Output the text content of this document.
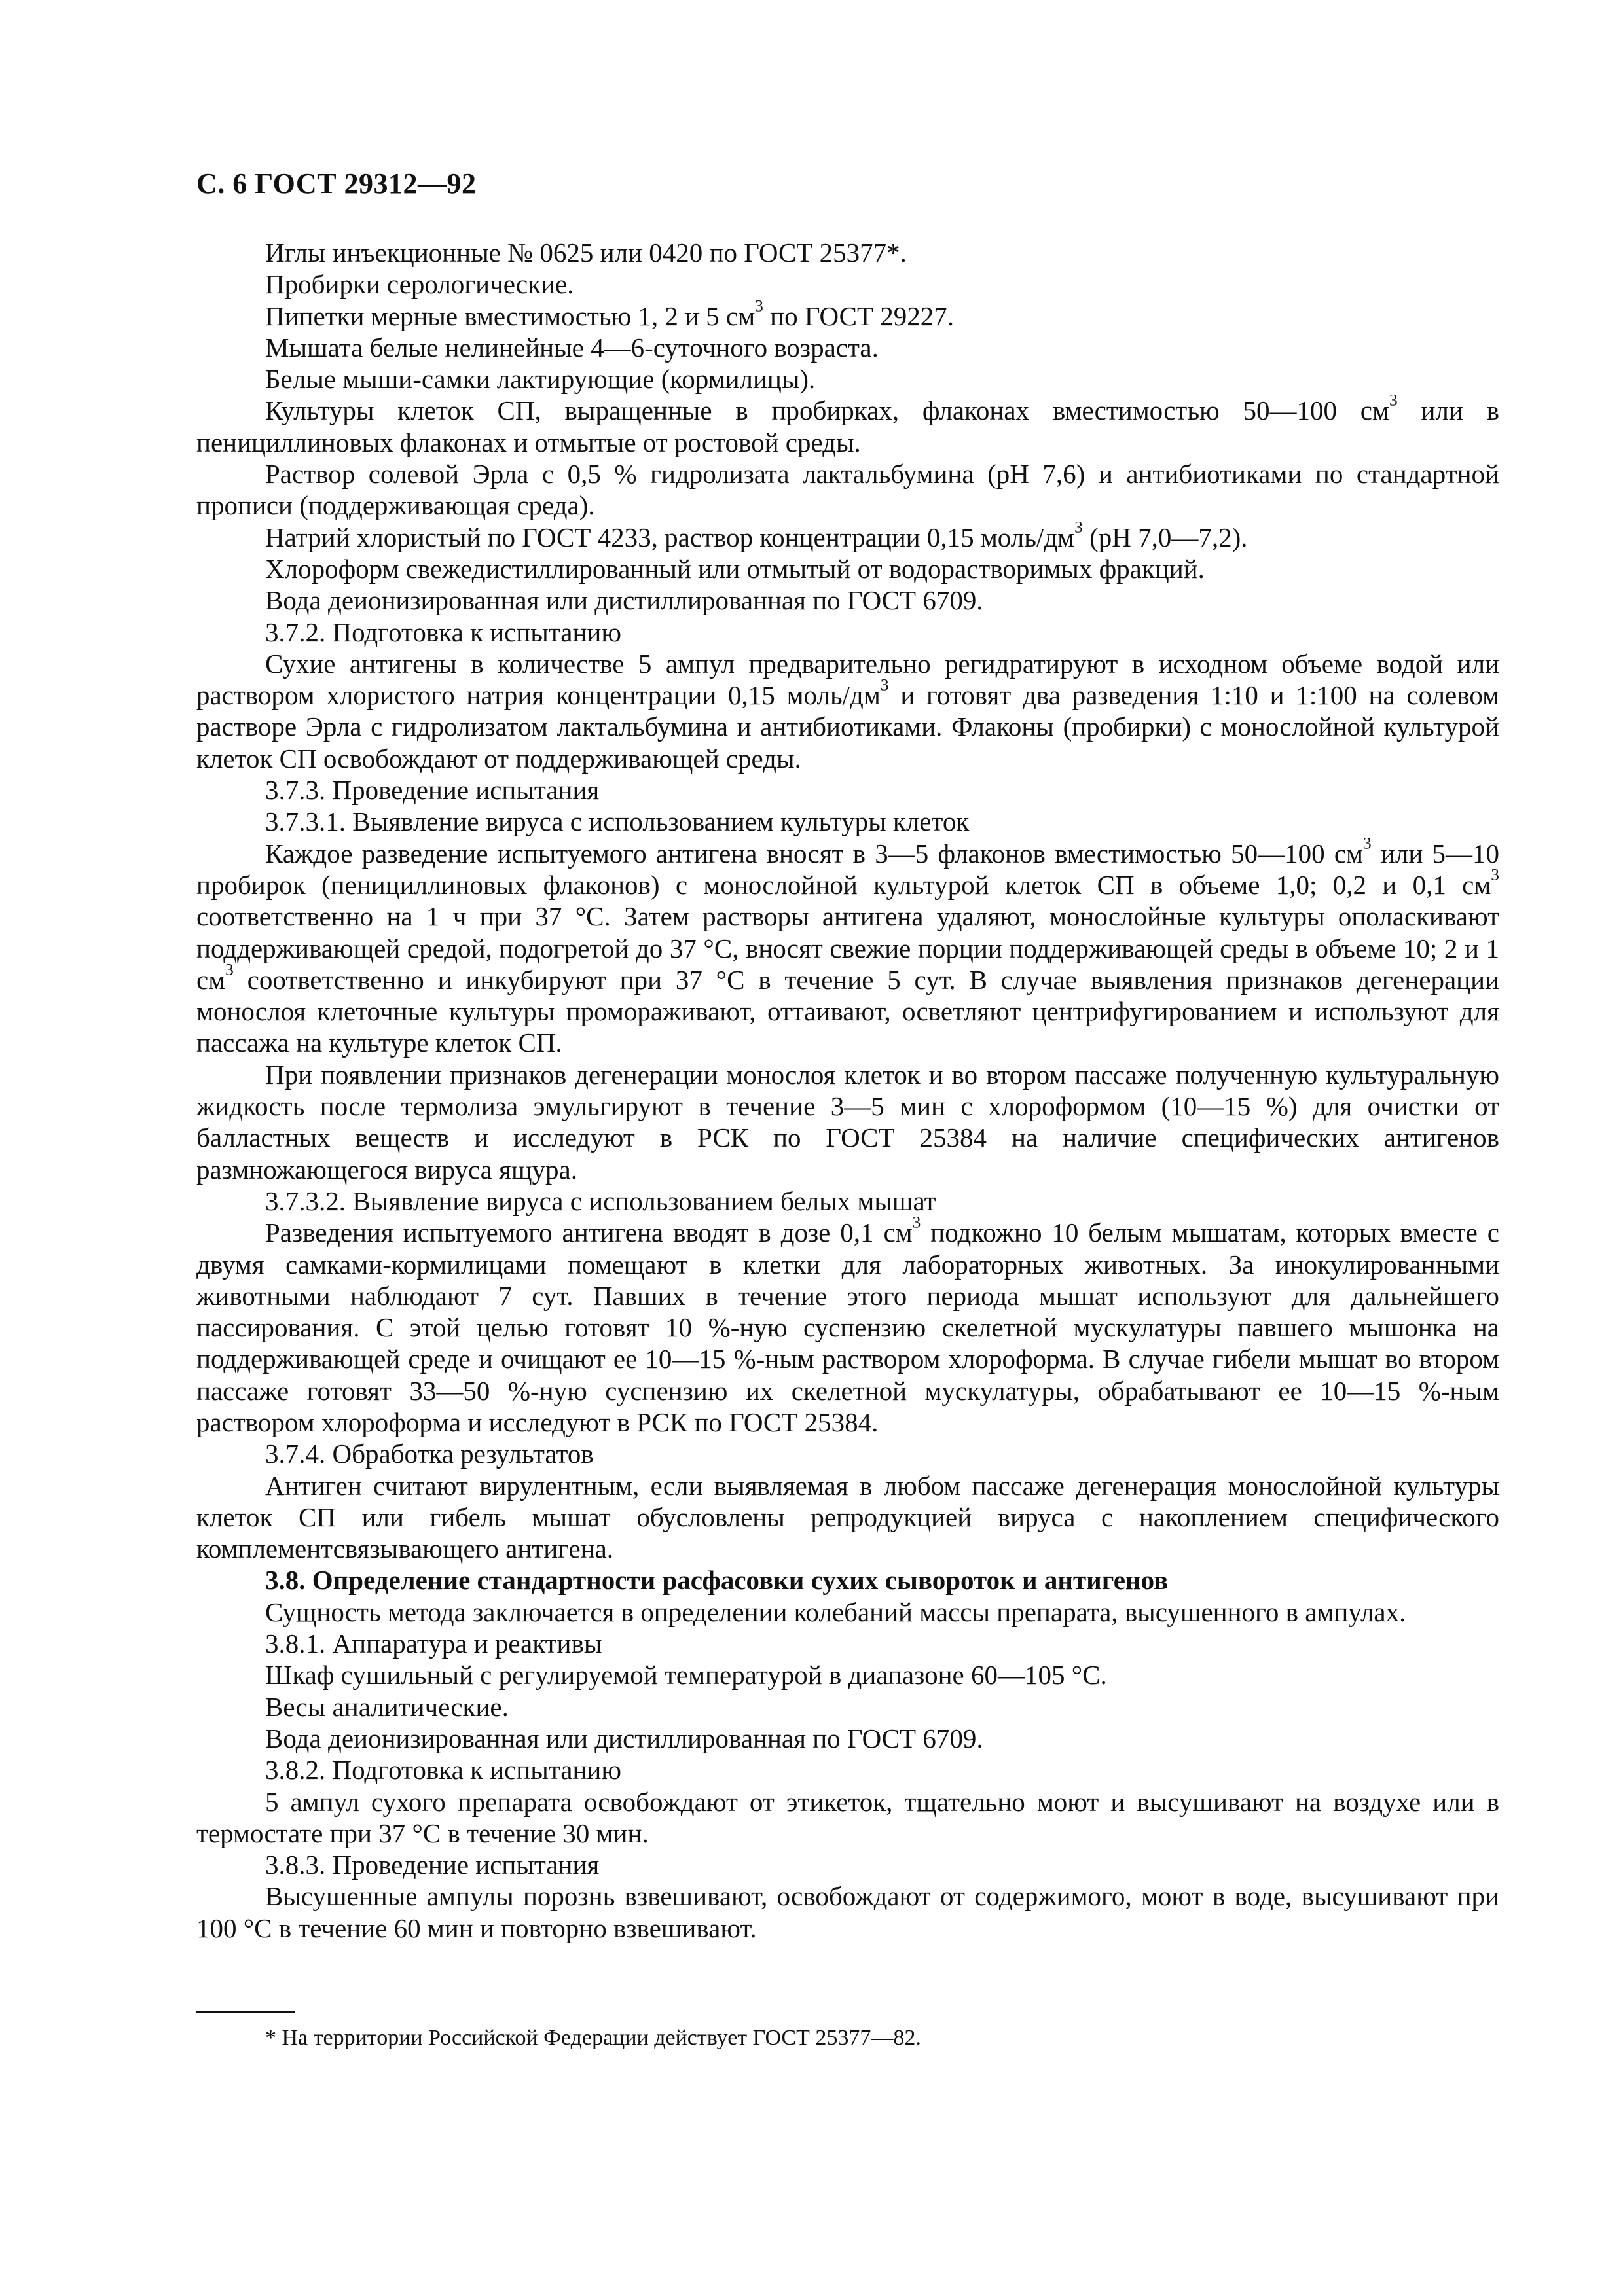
С. 6 ГОСТ 29312—92

Иглы инъекционные № 0625 или 0420 по ГОСТ 25377*.

Пробирки серологические.

Пипетки мерные вместимостью 1, 2 и 5 $см^3$ по ГОСТ 29227.

Мышата белые нелинейные 4—6-суточного возраста.

Белые мыши-самки лактирующие (кормилицы).

Культуры клеток СП, выращенные в пробирках, флаконах вместимостью 50—100 $см^3$ или в пенициллиновых флаконах и отмытые от ростовой среды.

Раствор солевой Эрла с 0,5 % гидролизата лактальбумина (рН 7,6) и антибиотиками по стандартной прописи (поддерживающая среда).

Натрий хлористый по ГОСТ 4233, раствор концентрации 0,15 моль/$дм^3$ (рН 7,0—7,2).

Хлороформ свежедистиллированный или отмытый от водорастворимых фракций.

Вода деионизированная или дистиллированная по ГОСТ 6709.

3.7.2. Подготовка к испытанию

Сухие антигены в количестве 5 ампул предварительно регидратируют в исходном объеме водой или раствором хлористого натрия концентрации 0,15 моль/$дм^3$ и готовят два разведения 1:10 и 1:100 на солевом растворе Эрла с гидролизатом лактальбумина и антибиотиками. Флаконы (пробирки) с монослойной культурой клеток СП освобождают от поддерживающей среды.

3.7.3. Проведение испытания

3.7.3.1. Выявление вируса с использованием культуры клеток

Каждое разведение испытуемого антигена вносят в 3—5 флаконов вместимостью 50—100 $см^3$ или 5—10 пробирок (пенициллиновых флаконов) с монослойной культурой клеток СП в объеме 1,0; 0,2 и 0,1 $см^3$ соответственно на 1 ч при 37 °С. Затем растворы антигена удаляют, монослойные культуры ополаскивают поддерживающей средой, подогретой до 37 °С, вносят свежие порции поддерживающей среды в объеме 10; 2 и 1 $см^3$ соответственно и инкубируют при 37 °С в течение 5 сут. В случае выявления признаков дегенерации монослоя клеточные культуры промораживают, оттаивают, осветляют центрифугированием и используют для пассажа на культуре клеток СП.

При появлении признаков дегенерации монослоя клеток и во втором пассаже полученную культуральную жидкость после термолиза эмульгируют в течение 3—5 мин с хлороформом (10—15 %) для очистки от балластных веществ и исследуют в РСК по ГОСТ 25384 на наличие специфических антигенов размножающегося вируса ящура.

3.7.3.2. Выявление вируса с использованием белых мышат

Разведения испытуемого антигена вводят в дозе 0,1 $см^3$ подкожно 10 белым мышатам, которых вместе с двумя самками-кормилицами помещают в клетки для лабораторных животных. За инокулированными животными наблюдают 7 сут. Павших в течение этого периода мышат используют для дальнейшего пассирования. С этой целью готовят 10 %-ную суспензию скелетной мускулатуры павшего мышонка на поддерживающей среде и очищают ее 10—15 %-ным раствором хлороформа. В случае гибели мышат во втором пассаже готовят 33—50 %-ную суспензию их скелетной мускулатуры, обрабатывают ее 10—15 %-ным раствором хлороформа и исследуют в РСК по ГОСТ 25384.

3.7.4. Обработка результатов

Антиген считают вирулентным, если выявляемая в любом пассаже дегенерация монослойной культуры клеток СП или гибель мышат обусловлены репродукцией вируса с накоплением специфического комплементсвязывающего антигена.

3.8. Определение стандартности расфасовки сухих сывороток и антигенов

Сущность метода заключается в определении колебаний массы препарата, высушенного в ампулах.

3.8.1. Аппаратура и реактивы

Шкаф сушильный с регулируемой температурой в диапазоне 60—105 °С.

Весы аналитические.

Вода деионизированная или дистиллированная по ГОСТ 6709.

3.8.2. Подготовка к испытанию

5 ампул сухого препарата освобождают от этикеток, тщательно моют и высушивают на воздухе или в термостате при 37 °С в течение 30 мин.

3.8.3. Проведение испытания

Высушенные ампулы порознь взвешивают, освобождают от содержимого, моют в воде, высушивают при 100 °С в течение 60 мин и повторно взвешивают.

* На территории Российской Федерации действует ГОСТ 25377—82.
